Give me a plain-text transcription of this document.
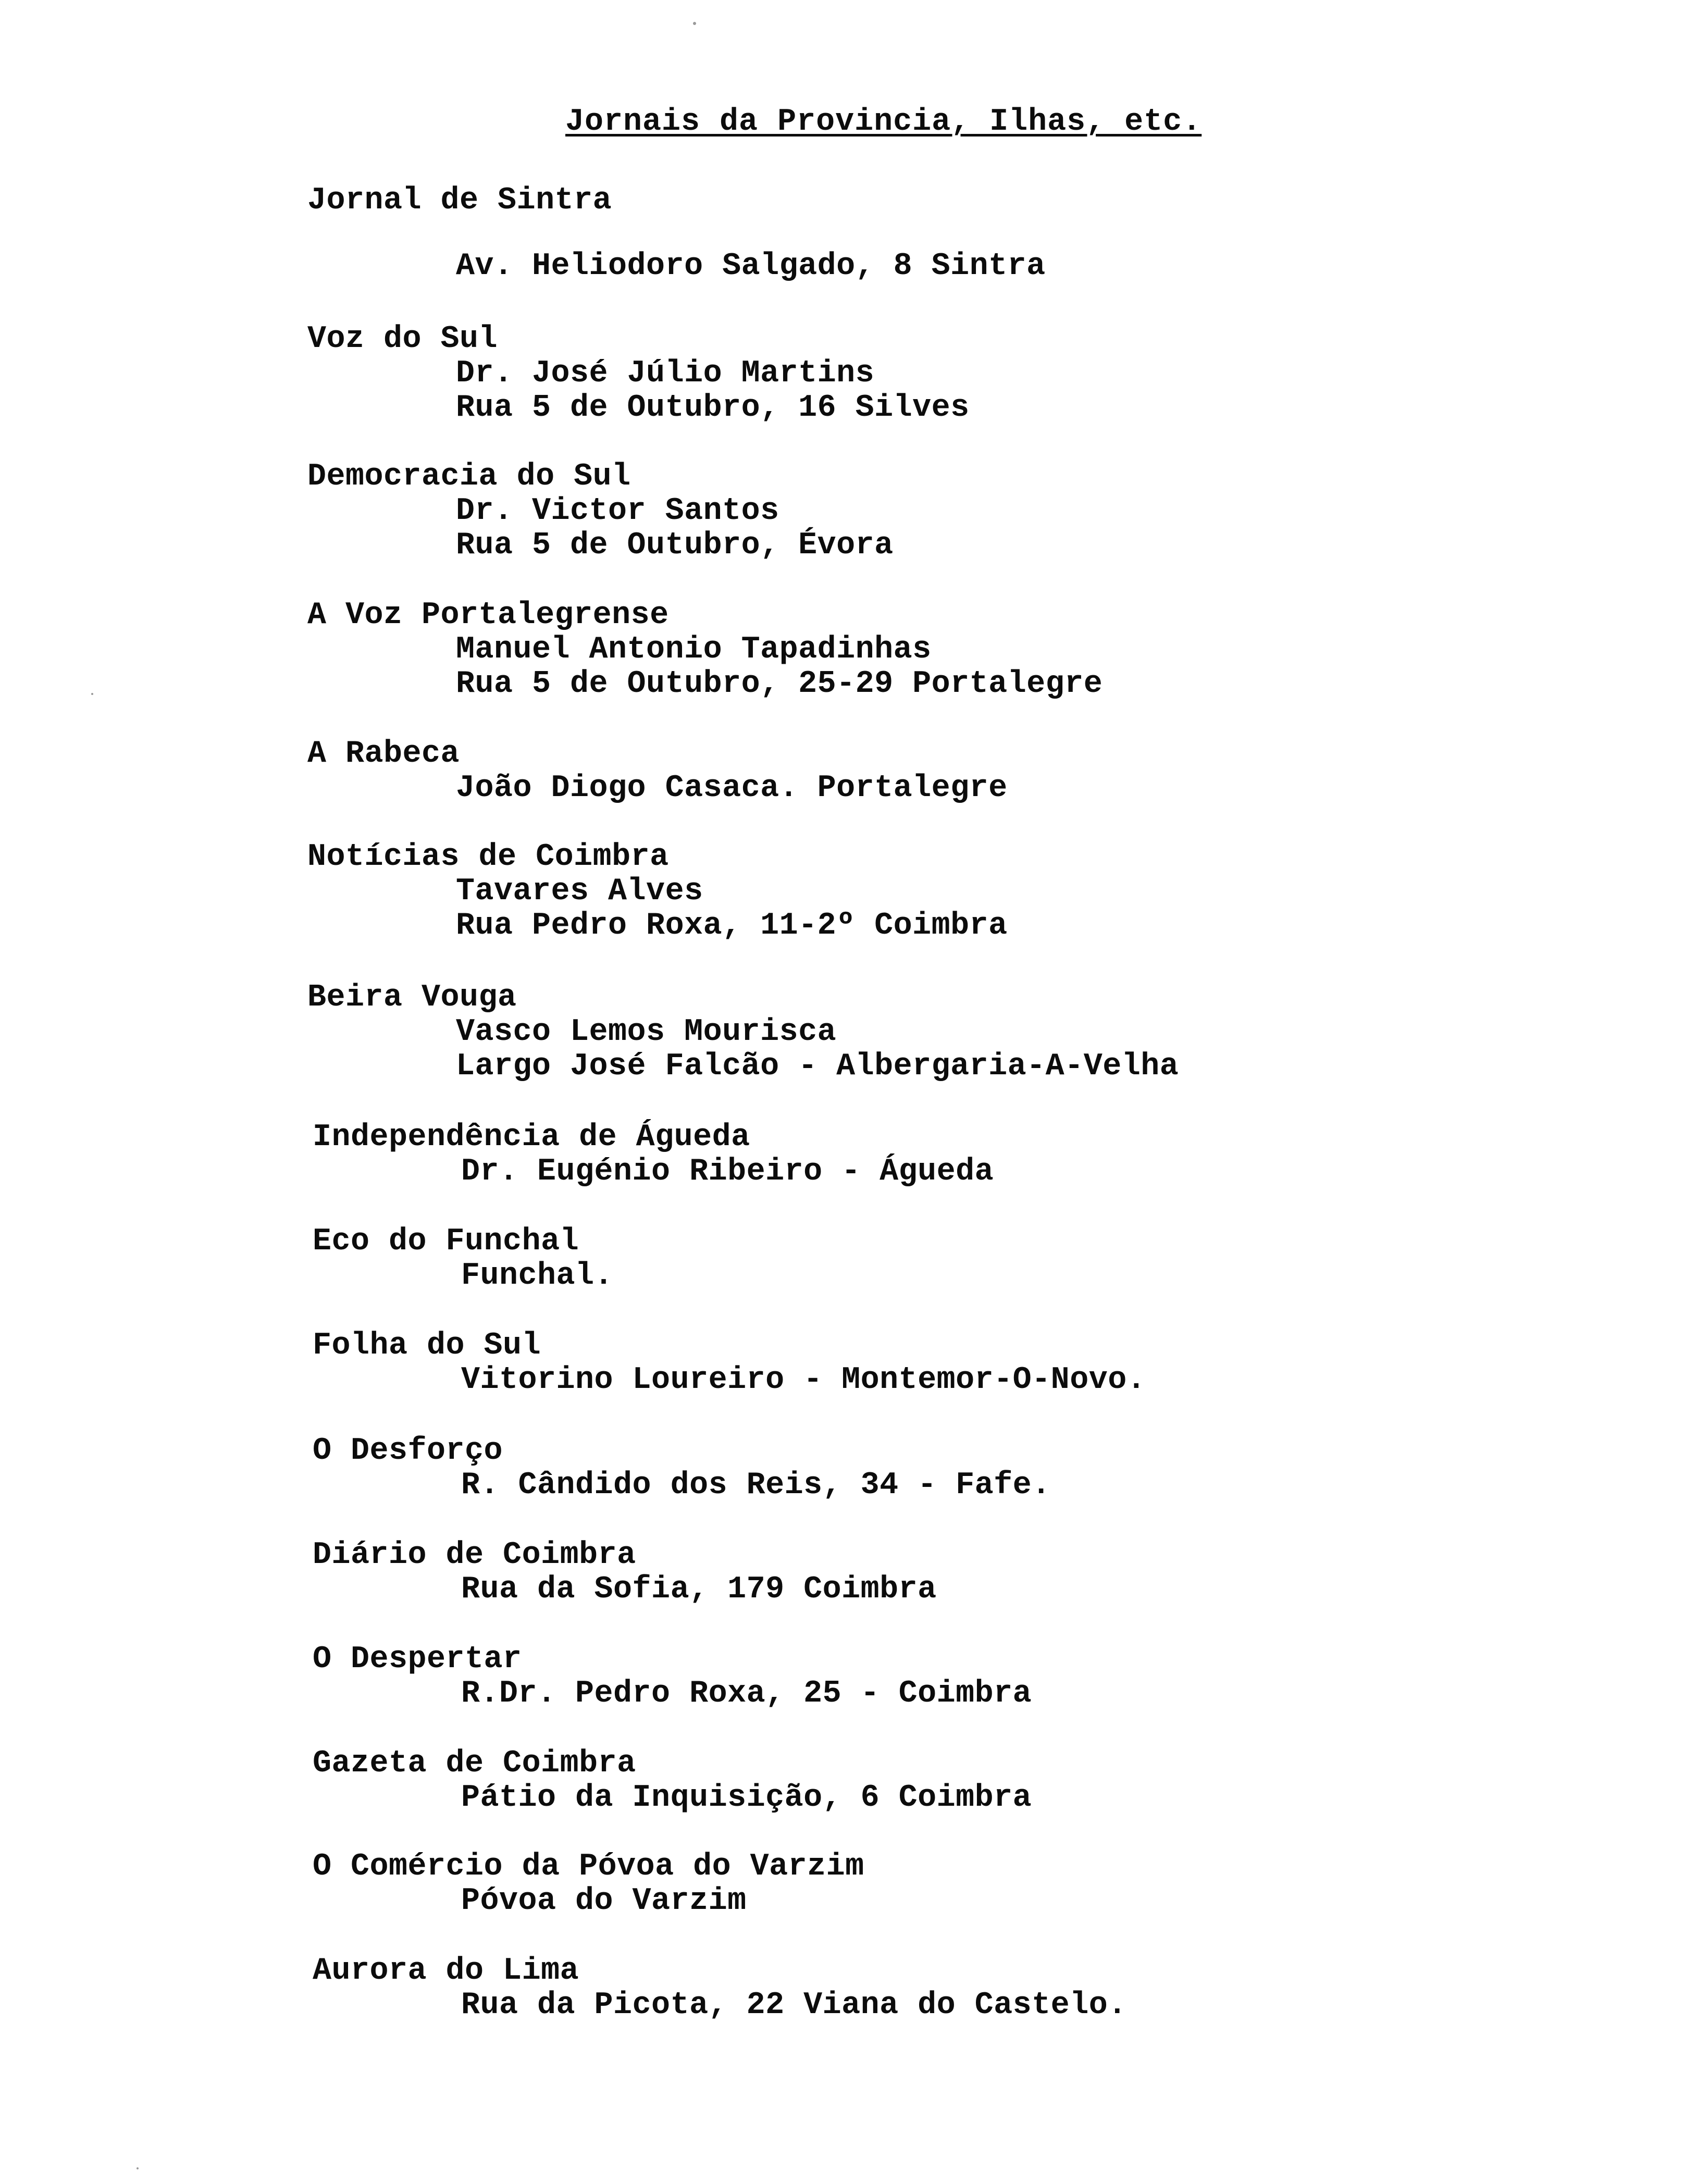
Jornais da Provincia, Ilhas, etc.
Jornal de Sintra
Av. Heliodoro Salgado, 8 Sintra
Voz do Sul
Dr. José Júlio Martins
Rua 5 de Outubro, 16 Silves
Democracia do Sul
Dr. Victor Santos
Rua 5 de Outubro, Évora
A Voz Portalegrense
Manuel Antonio Tapadinhas
Rua 5 de Outubro, 25-29 Portalegre
A Rabeca
João Diogo Casaca. Portalegre
Notícias de Coimbra
Tavares Alves
Rua Pedro Roxa, 11-2º Coimbra
Beira Vouga
Vasco Lemos Mourisca
Largo José Falcão - Albergaria-A-Velha
Independência de Águeda
Dr. Eugénio Ribeiro - Águeda
Eco do Funchal
Funchal.
Folha do Sul
Vitorino Loureiro - Montemor-O-Novo.
O Desforço
R. Cândido dos Reis, 34 - Fafe.
Diário de Coimbra
Rua da Sofia, 179 Coimbra
O Despertar
R.Dr. Pedro Roxa, 25 - Coimbra
Gazeta de Coimbra
Pátio da Inquisição, 6 Coimbra
O Comércio da Póvoa do Varzim
Póvoa do Varzim
Aurora do Lima
Rua da Picota, 22 Viana do Castelo.
